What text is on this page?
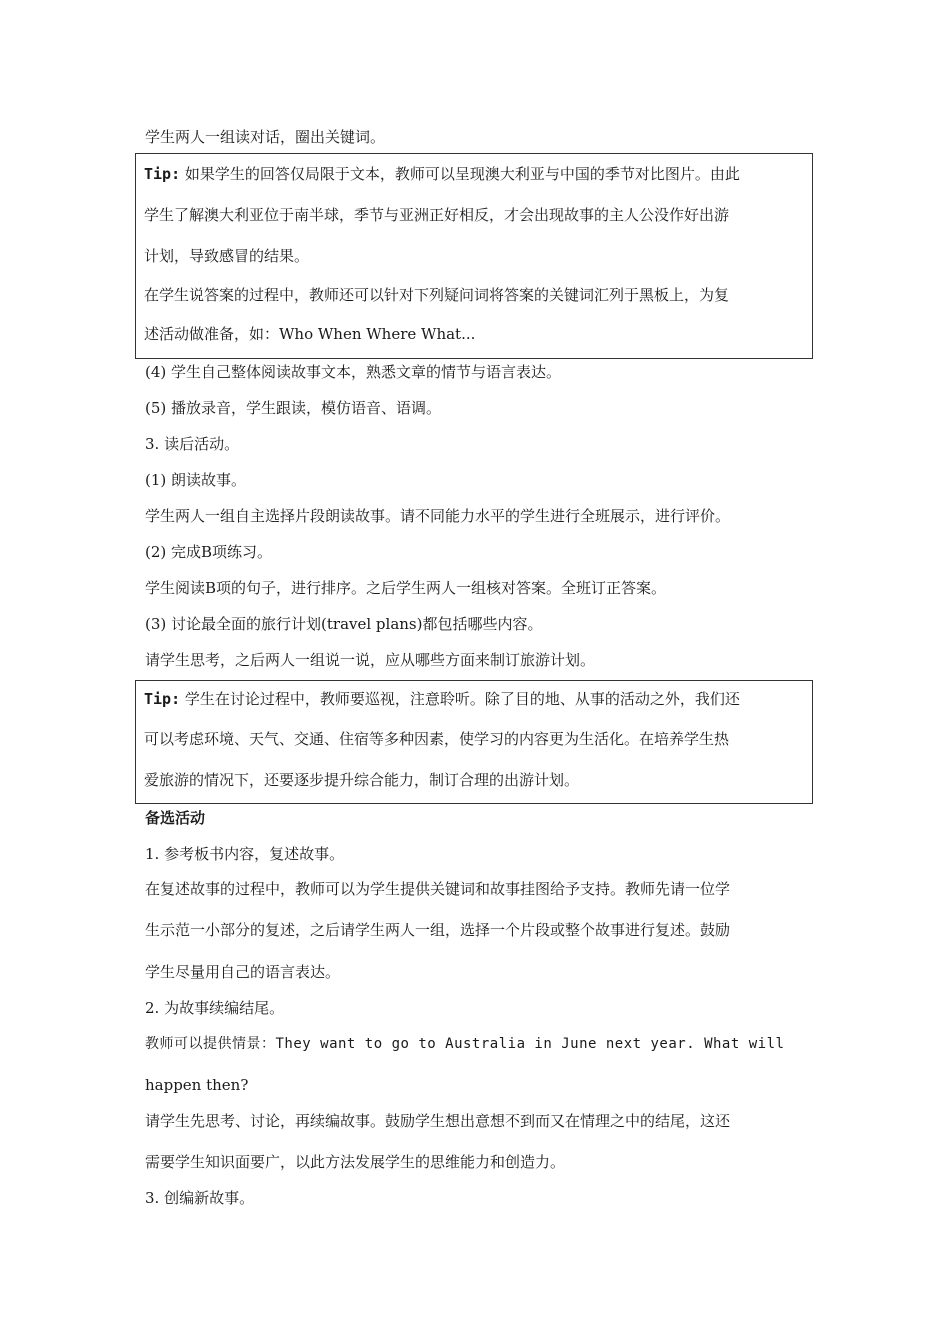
学生两人一组读对话，圈出关键词。
Tip: 如果学生的回答仅局限于文本，教师可以呈现澳大利亚与中国的季节对比图片。由此
学生了解澳大利亚位于南半球，季节与亚洲正好相反，才会出现故事的主人公没作好出游
计划，导致感冒的结果。
在学生说答案的过程中，教师还可以针对下列疑问词将答案的关键词汇列于黑板上，为复
述活动做准备，如：Who When Where What...
(4) 学生自己整体阅读故事文本，熟悉文章的情节与语言表达。
(5) 播放录音，学生跟读，模仿语音、语调。
3. 读后活动。
(1) 朗读故事。
学生两人一组自主选择片段朗读故事。请不同能力水平的学生进行全班展示，进行评价。
(2) 完成B项练习。
学生阅读B项的句子，进行排序。之后学生两人一组核对答案。全班订正答案。
(3) 讨论最全面的旅行计划(travel plans)都包括哪些内容。
请学生思考，之后两人一组说一说，应从哪些方面来制订旅游计划。
Tip: 学生在讨论过程中，教师要巡视，注意聆听。除了目的地、从事的活动之外，我们还
可以考虑环境、天气、交通、住宿等多种因素，使学习的内容更为生活化。在培养学生热
爱旅游的情况下，还要逐步提升综合能力，制订合理的出游计划。
备选活动
1. 参考板书内容，复述故事。
在复述故事的过程中，教师可以为学生提供关键词和故事挂图给予支持。教师先请一位学
生示范一小部分的复述，之后请学生两人一组，选择一个片段或整个故事进行复述。鼓励
学生尽量用自己的语言表达。
2. 为故事续编结尾。
教师可以提供情景：They want to go to Australia in June next year. What will
happen then?
请学生先思考、讨论，再续编故事。鼓励学生想出意想不到而又在情理之中的结尾，这还
需要学生知识面要广，以此方法发展学生的思维能力和创造力。
3. 创编新故事。
